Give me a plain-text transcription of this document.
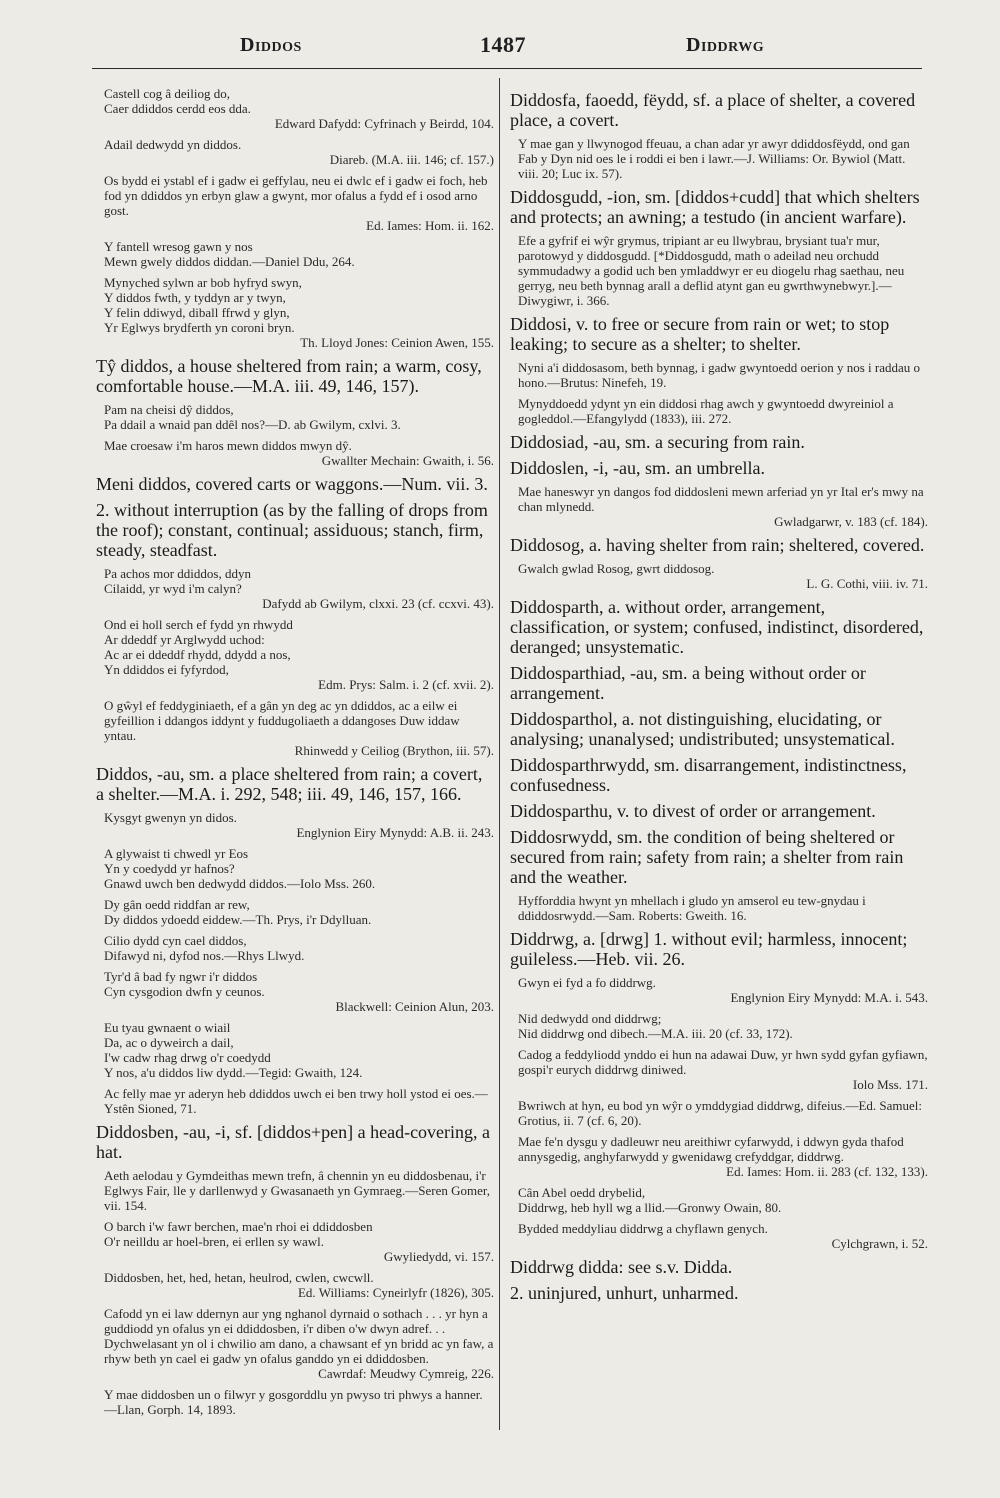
Diddos	1487	Diddrwg
Castell cog â deiliog do,
Caer ddiddos cerdd eos dda.
Edward Dafydd: Cyfrinach y Beirdd, 104.
Adail dedwydd yn diddos.
Diareb. (M.A. iii. 146; cf. 157.)
Os bydd ei ystabl ef i gadw ei geffylau, neu ei dwlc ef i gadw ei foch, heb fod yn ddiddos yn erbyn glaw a gwynt, mor ofalus a fydd ef i osod arno gost.
Ed. Iames: Hom. ii. 162.
Y fantell wresog gawn y nos
Mewn gwely diddos diddan.—Daniel Ddu, 264.
Mynyched sylwn ar bob hyfryd swyn,
Y diddos fwth, y tyddyn ar y twyn,
Y felin ddiwyd, diball ffrwd y glyn,
Yr Eglwys brydferth yn coroni bryn.
Th. Lloyd Jones: Ceinion Awen, 155.
Tŷ diddos, a house sheltered from rain; a warm, cosy, comfortable house.—M.A. iii. 49, 146, 157).
Pam na cheisi dŷ diddos,
Pa ddail a wnaid pan ddêl nos?—D. ab Gwilym, cxlvi. 3.
Mae croesaw i'm haros mewn diddos mwyn dŷ.
Gwallter Mechain: Gwaith, i. 56.
Meni diddos, covered carts or waggons.—Num. vii. 3.
2. without interruption (as by the falling of drops from the roof); constant, continual; assiduous; stanch, firm, steady, steadfast.
Pa achos mor ddiddos, ddyn
Cilaidd, yr wyd i'm calyn?
Dafydd ab Gwilym, clxxi. 23 (cf. ccxvi. 43).
Ond ei holl serch ef fydd yn rhwydd
Ar ddeddf yr Arglwydd uchod:
Ac ar ei ddeddf rhydd, ddydd a nos,
Yn ddiddos ei fyfyrdod,
Edm. Prys: Salm. i. 2 (cf. xvii. 2).
O gŵyl ef feddyginiaeth, ef a gân yn deg ac yn ddiddos, ac a eilw ei gyfeillion i ddangos iddynt y fuddugoliaeth a ddangoses Duw iddaw yntau.
Rhinwedd y Ceiliog (Brython, iii. 57).
Diddos, -au, sm. a place sheltered from rain; a covert, a shelter.—M.A. i. 292, 548; iii. 49, 146, 157, 166.
Kysgyt gwenyn yn didos.
Englynion Eiry Mynydd: A.B. ii. 243.
A glywaist ti chwedl yr Eos
Yn y coedydd yr hafnos?
Gnawd uwch ben dedwydd diddos.—Iolo Mss. 260.
Dy gân oedd riddfan ar rew,
Dy diddos ydoedd eiddew.—Th. Prys, i'r Ddylluan.
Cilio dydd cyn cael diddos,
Difawyd ni, dyfod nos.—Rhys Llwyd.
Tyr'd â bad fy ngwr i'r diddos
Cyn cysgodion dwfn y ceunos.
Blackwell: Ceinion Alun, 203.
Eu tyau gwnaent o wiail
Da, ac o dyweirch a dail,
I'w cadw rhag drwg o'r coedydd
Y nos, a'u diddos liw dydd.—Tegid: Gwaith, 124.
Ac felly mae yr aderyn heb ddiddos uwch ei ben trwy holl ystod ei oes.—Ystên Sioned, 71.
Diddosben, -au, -i, sf. [diddos+pen] a head-covering, a hat.
Aeth aelodau y Gymdeithas mewn trefn, â chennin yn eu diddosbenau, i'r Eglwys Fair, lle y darllenwyd y Gwasanaeth yn Gymraeg.—Seren Gomer, vii. 154.
O barch i'w fawr berchen, mae'n rhoi ei ddiddosben
O'r neilldu ar hoel-bren, ei erllen sy wawl.
Gwyliedydd, vi. 157.
Diddosben, het, hed, hetan, heulrod, cwlen, cwcwll.
Ed. Williams: Cyneirlyfr (1826), 305.
Cafodd yn ei law ddernyn aur yng nghanol dyrnaid o sothach . . . yr hyn a guddiodd yn ofalus yn ei ddiddosben, i'r diben o'w dwyn adref. . . Dychwelasant yn ol i chwilio am dano, a chawsant ef yn bridd ac yn faw, a rhyw beth yn cael ei gadw yn ofalus ganddo yn ei ddiddosben.
Cawrdaf: Meudwy Cymreig, 226.
Y mae diddosben un o filwyr y gosgorddlu yn pwyso tri phwys a hanner.—Llan, Gorph. 14, 1893.
Diddosfa, faoedd, fëydd, sf. a place of shelter, a covered place, a covert.
Y mae gan y llwynogod ffeuau, a chan adar yr awyr ddiddosfëydd, ond gan Fab y Dyn nid oes le i roddi ei ben i lawr.—J. Williams: Or. Bywiol (Matt. viii. 20; Luc ix. 57).
Diddosgudd, -ion, sm. [diddos+cudd] that which shelters and protects; an awning; a testudo (in ancient warfare).
Efe a gyfrif ei wŷr grymus, tripiant ar eu llwybrau, brysiant tua'r mur, parotowyd y diddosgudd. [*Diddosgudd, math o adeilad neu orchudd symmudadwy a godid uch ben ymladdwyr er eu diogelu rhag saethau, neu gerryg, neu beth bynnag arall a deflid atynt gan eu gwrthwynebwyr.].—Diwygiwr, i. 366.
Diddosi, v. to free or secure from rain or wet; to stop leaking; to secure as a shelter; to shelter.
Nyni a'i diddosasom, beth bynnag, i gadw gwyntoedd oerion y nos i raddau o hono.—Brutus: Ninefeh, 19.
Mynyddoedd ydynt yn ein diddosi rhag awch y gwyntoedd dwyreiniol a gogleddol.—Efangylydd (1833), iii. 272.
Diddosiad, -au, sm. a securing from rain.
Diddoslen, -i, -au, sm. an umbrella.
Mae haneswyr yn dangos fod diddosleni mewn arferiad yn yr Ital er's mwy na chan mlynedd.
Gwladgarwr, v. 183 (cf. 184).
Diddosog, a. having shelter from rain; sheltered, covered.
Gwalch gwlad Rosog, gwrt diddosog.
L. G. Cothi, viii. iv. 71.
Diddosparth, a. without order, arrangement, classification, or system; confused, indistinct, disordered, deranged; unsystematic.
Diddosparthiad, -au, sm. a being without order or arrangement.
Diddosparthol, a. not distinguishing, elucidating, or analysing; unanalysed; undistributed; unsystematical.
Diddosparthrwydd, sm. disarrangement, indistinctness, confusedness.
Diddosparthu, v. to divest of order or arrangement.
Diddosrwydd, sm. the condition of being sheltered or secured from rain; safety from rain; a shelter from rain and the weather.
Hyfforddia hwynt yn mhellach i gludo yn amserol eu tew-gnydau i ddiddosrwydd.—Sam. Roberts: Gweith. 16.
Diddrwg, a. [drwg] 1. without evil; harmless, innocent; guileless.—Heb. vii. 26.
Gwyn ei fyd a fo diddrwg.
Englynion Eiry Mynydd: M.A. i. 543.
Nid dedwydd ond diddrwg;
Nid diddrwg ond dibech.—M.A. iii. 20 (cf. 33, 172).
Cadog a feddyliodd ynddo ei hun na adawai Duw, yr hwn sydd gyfan gyfiawn, gospi'r eurych diddrwg diniwed.
Iolo Mss. 171.
Bwriwch at hyn, eu bod yn wŷr o ymddygiad diddrwg, difeius.—Ed. Samuel: Grotius, ii. 7 (cf. 6, 20).
Mae fe'n dysgu y dadleuwr neu areithiwr cyfarwydd, i ddwyn gyda thafod annysgedig, anghyfarwydd y gwenidawg crefyddgar, diddrwg.
Ed. Iames: Hom. ii. 283 (cf. 132, 133).
Cân Abel oedd drybelid,
Diddrwg, heb hyll wg a llid.—Gronwy Owain, 80.
Bydded meddyliau diddrwg a chyflawn genych.
Cylchgrawn, i. 52.
Diddrwg didda: see s.v. Didda.
2. uninjured, unhurt, unharmed.
